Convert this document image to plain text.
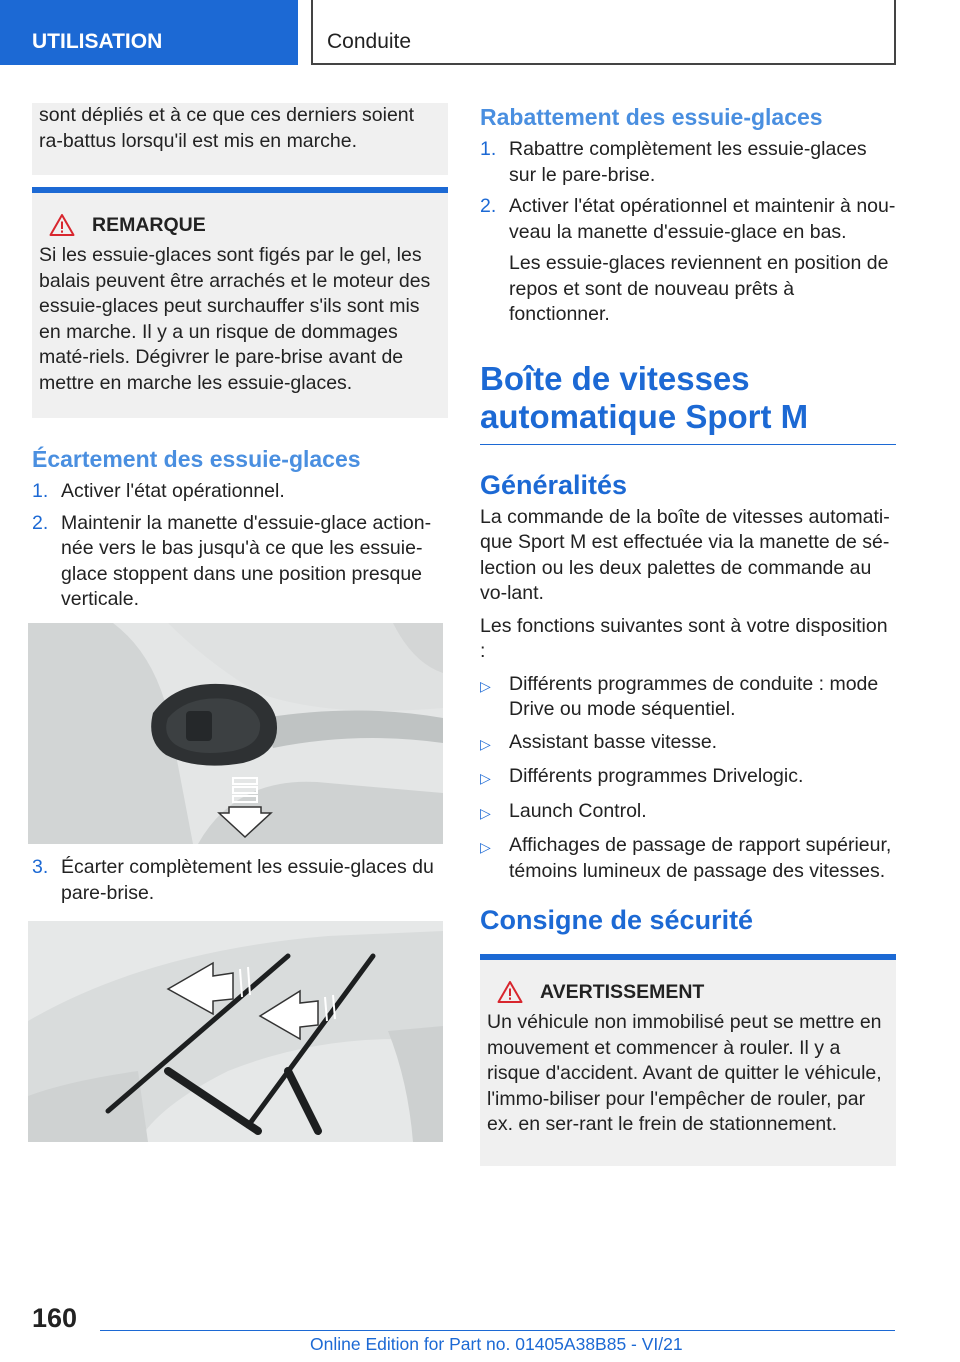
UTILISATION	Conduite

sont dépliés et à ce que ces derniers soient ra‐battus lorsqu'il est mis en marche.

REMARQUE

Si les essuie-glaces sont figés par le gel, les balais peuvent être arrachés et le moteur des essuie-glaces peut surchauffer s'ils sont mis en marche. Il y a un risque de dommages maté‐riels. Dégivrer le pare-brise avant de mettre en marche les essuie-glaces.

Écartement des essuie-glaces
1. Activer l'état opérationnel.
2. Maintenir la manette d'essuie-glace action‐née vers le bas jusqu'à ce que les essuie-glace stoppent dans une position presque verticale.
3. Écarter complètement les essuie-glaces du pare-brise.
Rabattement des essuie-glaces
1. Rabattre complètement les essuie-glaces sur le pare-brise.
2. Activer l'état opérationnel et maintenir à nou‐veau la manette d'essuie-glace en bas.

Les essuie-glaces reviennent en position de repos et sont de nouveau prêts à fonctionner.

Boîte de vitesses
automatique Sport M
Généralités

La commande de la boîte de vitesses automati‐que Sport M est effectuée via la manette de sé‐lection ou les deux palettes de commande au vo‐lant.

Les fonctions suivantes sont à votre disposition :

▷ Différents programmes de conduite : mode Drive ou mode séquentiel.
▷ Assistant basse vitesse.
▷ Différents programmes Drivelogic.
▷ Launch Control.
▷ Affichages de passage de rapport supérieur, témoins lumineux de passage des vitesses.
Consigne de sécurité
AVERTISSEMENT

Un véhicule non immobilisé peut se mettre en mouvement et commencer à rouler. Il y a risque d'accident. Avant de quitter le véhicule, l'immo‐biliser pour l'empêcher de rouler, par ex. en ser‐rant le frein de stationnement.

160
Online Edition for Part no. 01405A38B85 - VI/21
